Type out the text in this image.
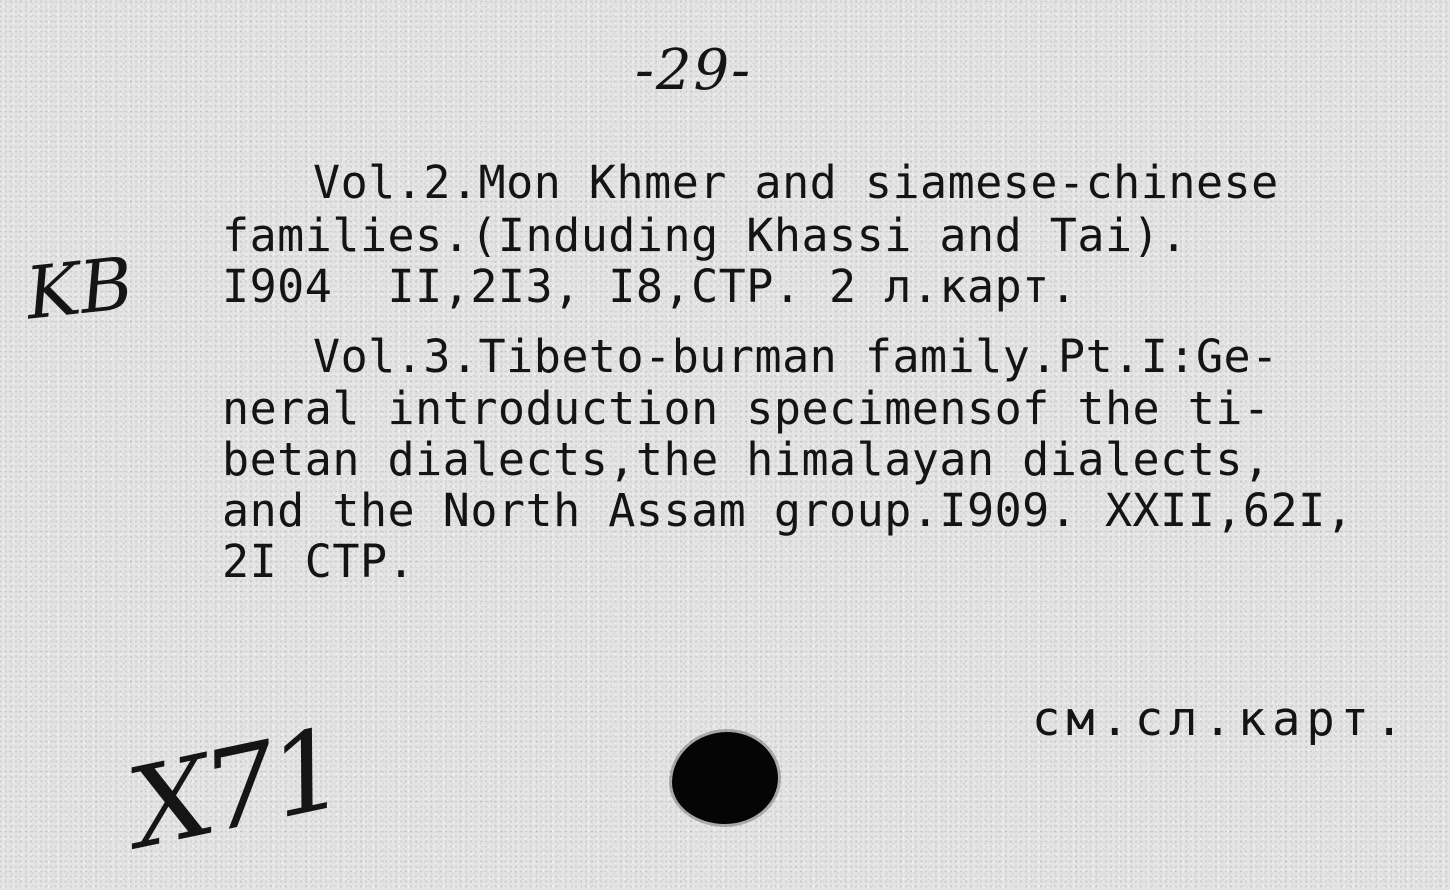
-29-
KB
Vol.2.Mon Khmer and siamese-chinese
families.(Induding Khassi and Tai).
I904  II,2I3, I8,CTP. 2 л.карт.
Vol.3.Tibeto-burman family.Pt.I:Ge-
neral introduction specimensof the ti-
betan dialects,the himalayan dialects,
and the North Assam group.I909. XXII,62I,
2I CTP.
см.сл.карт.
X71
